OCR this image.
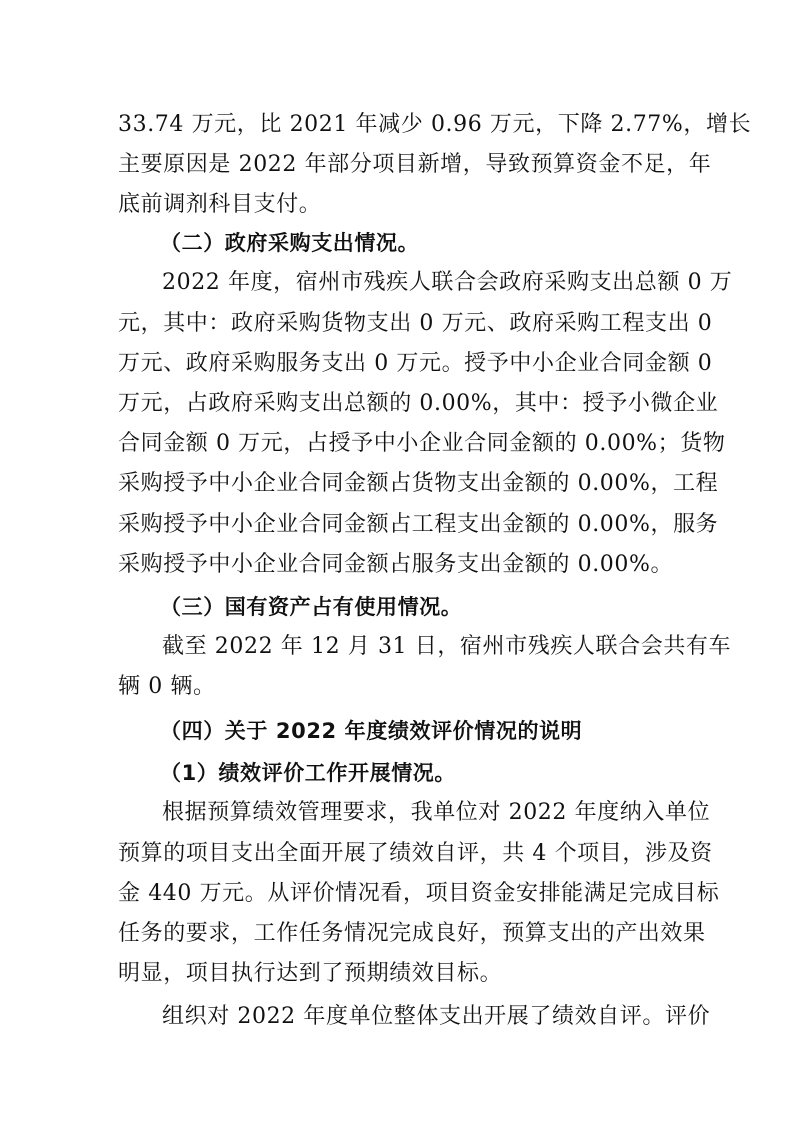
33.74 万元，比 2021 年减少 0.96 万元，下降 2.77%，增长
主要原因是 2022 年部分项目新增，导致预算资金不足，年
底前调剂科目支付。
（二）政府采购支出情况。
2022 年度，宿州市残疾人联合会政府采购支出总额 0 万
元，其中：政府采购货物支出 0 万元、政府采购工程支出 0
万元、政府采购服务支出 0 万元。授予中小企业合同金额 0
万元，占政府采购支出总额的 0.00%，其中：授予小微企业
合同金额 0 万元，占授予中小企业合同金额的 0.00%；货物
采购授予中小企业合同金额占货物支出金额的 0.00%，工程
采购授予中小企业合同金额占工程支出金额的 0.00%，服务
采购授予中小企业合同金额占服务支出金额的 0.00%。
（三）国有资产占有使用情况。
截至 2022 年 12 月 31 日，宿州市残疾人联合会共有车
辆 0 辆。
（四）关于 2022 年度绩效评价情况的说明
（1）绩效评价工作开展情况。
根据预算绩效管理要求，我单位对 2022 年度纳入单位
预算的项目支出全面开展了绩效自评，共 4 个项目，涉及资
金 440 万元。从评价情况看，项目资金安排能满足完成目标
任务的要求，工作任务情况完成良好，预算支出的产出效果
明显，项目执行达到了预期绩效目标。
组织对 2022 年度单位整体支出开展了绩效自评。评价
